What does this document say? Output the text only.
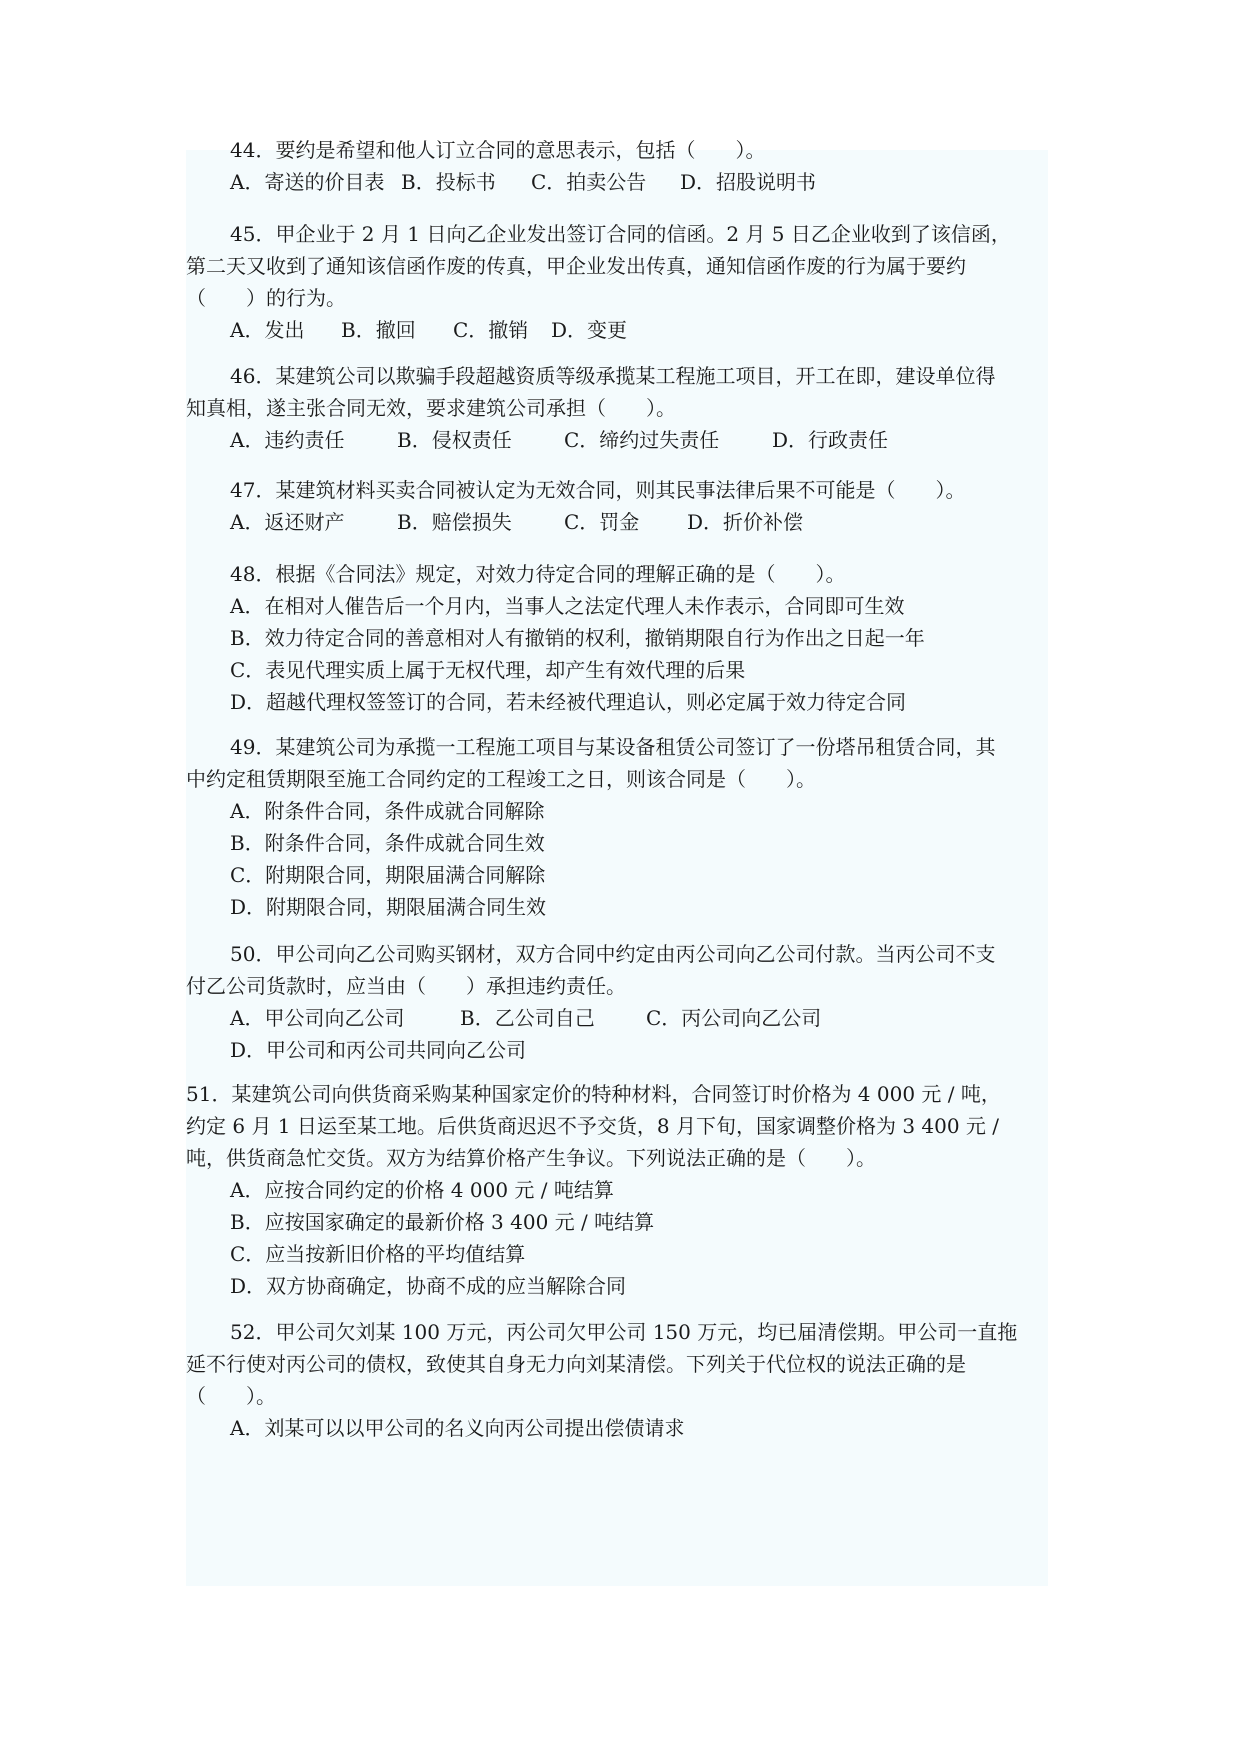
44．要约是希望和他人订立合同的意思表示，包括（　　）。
A．寄送的价目表 B．投标书 C．拍卖公告 D．招股说明书
45．甲企业于 2 月 1 日向乙企业发出签订合同的信函。2 月 5 日乙企业收到了该信函，
第二天又收到了通知该信函作废的传真，甲企业发出传真，通知信函作废的行为属于要约
（　　）的行为。
A．发出 B．撤回 C．撤销 D．变更
46．某建筑公司以欺骗手段超越资质等级承揽某工程施工项目，开工在即，建设单位得
知真相，遂主张合同无效，要求建筑公司承担（　　）。
A．违约责任	B．侵权责任	C．缔约过失责任	D．行政责任
47．某建筑材料买卖合同被认定为无效合同，则其民事法律后果不可能是（　　）。
A．返还财产	B．赔偿损失	C．罚金 D．折价补偿
48．根据《合同法》规定，对效力待定合同的理解正确的是（　　）。
A．在相对人催告后一个月内，当事人之法定代理人未作表示，合同即可生效
B．效力待定合同的善意相对人有撤销的权利，撤销期限自行为作出之日起一年
C．表见代理实质上属于无权代理，却产生有效代理的后果
D．超越代理权签签订的合同，若未经被代理追认，则必定属于效力待定合同
49．某建筑公司为承揽一工程施工项目与某设备租赁公司签订了一份塔吊租赁合同，其
中约定租赁期限至施工合同约定的工程竣工之日，则该合同是（　　）。
A．附条件合同，条件成就合同解除
B．附条件合同，条件成就合同生效
C．附期限合同，期限届满合同解除
D．附期限合同，期限届满合同生效
50．甲公司向乙公司购买钢材，双方合同中约定由丙公司向乙公司付款。当丙公司不支
付乙公司货款时，应当由（　　）承担违约责任。
A．甲公司向乙公司	B．乙公司自己	C．丙公司向乙公司
D．甲公司和丙公司共同向乙公司
51．某建筑公司向供货商采购某种国家定价的特种材料，合同签订时价格为 4 000 元 / 吨，
约定 6 月 1 日运至某工地。后供货商迟迟不予交货，8 月下旬，国家调整价格为 3 400 元 /
吨，供货商急忙交货。双方为结算价格产生争议。下列说法正确的是（　　）。
A．应按合同约定的价格 4 000 元 / 吨结算
B．应按国家确定的最新价格 3 400 元 / 吨结算
C．应当按新旧价格的平均值结算
D．双方协商确定，协商不成的应当解除合同
52．甲公司欠刘某 100 万元，丙公司欠甲公司 150 万元，均已届清偿期。甲公司一直拖
延不行使对丙公司的债权，致使其自身无力向刘某清偿。下列关于代位权的说法正确的是
（　　）。
A．刘某可以以甲公司的名义向丙公司提出偿债请求
